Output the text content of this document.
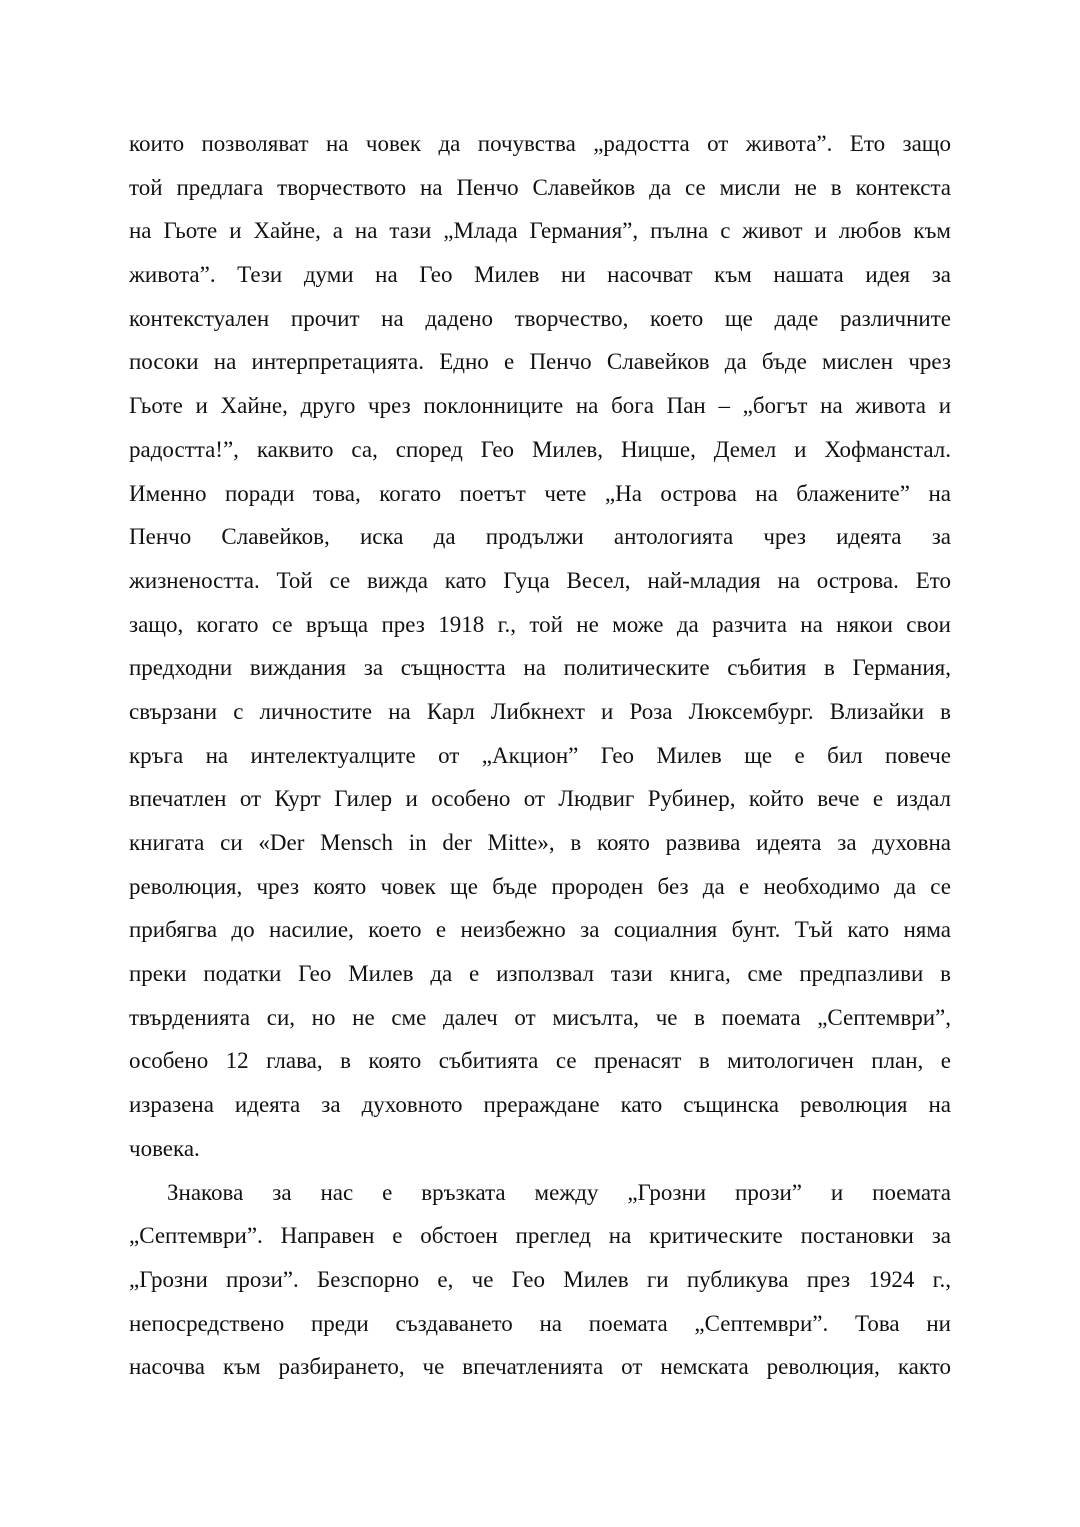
които позволяват на човек да почувства „радостта от живота”. Ето защо
той предлага творчеството на Пенчо Славейков да се мисли не в контекста
на Гьоте и Хайне, а на тази „Млада Германия”, пълна с живот и любов към
живота”. Тези думи на Гео Милев ни насочват към нашата идея за
контекстуален прочит на дадено творчество, което ще даде различните
посоки на интерпретацията. Едно е Пенчо Славейков да бъде мислен чрез
Гьоте и Хайне, друго чрез поклонниците на бога Пан – „богът на живота и
радостта!”, каквито са, според Гео Милев, Ницше, Демел и Хофманстал.
Именно поради това, когато поетът чете „На острова на блажените” на
Пенчо Славейков, иска да продължи антологията чрез идеята за
жизнеността. Той се вижда като Гуца Весел, най-младия на острова. Ето
защо, когато се връща през 1918 г., той не може да разчита на някои свои
предходни виждания за същността на политическите събития в Германия,
свързани с личностите на Карл Либкнехт и Роза Люксембург. Влизайки в
кръга на интелектуалците от „Акцион” Гео Милев ще е бил повече
впечатлен от Курт Гилер и особено от Людвиг Рубинер, който вече е издал
книгата си «Der Mensch in der Mitte», в която развива идеята за духовна
революция, чрез която човек ще бъде пророден без да е необходимо да се
прибягва до насилие, което е неизбежно за социалния бунт. Тъй като няма
преки податки Гео Милев да е използвал тази книга, сме предпазливи в
твърденията си, но не сме далеч от мисълта, че в поемата „Септември”,
особено 12 глава, в която събитията се пренасят в митологичен план, е
изразена идеята за духовното прераждане като същинска революция на
човека.
Знакова за нас е връзката между „Грозни прози” и поемата
„Септември”. Направен е обстоен преглед на критическите постановки за
„Грозни прози”. Безспорно е, че Гео Милев ги публикува през 1924 г.,
непосредствено преди създаването на поемата „Септември”. Това ни
насочва към разбирането, че впечатленията от немската революция, както
